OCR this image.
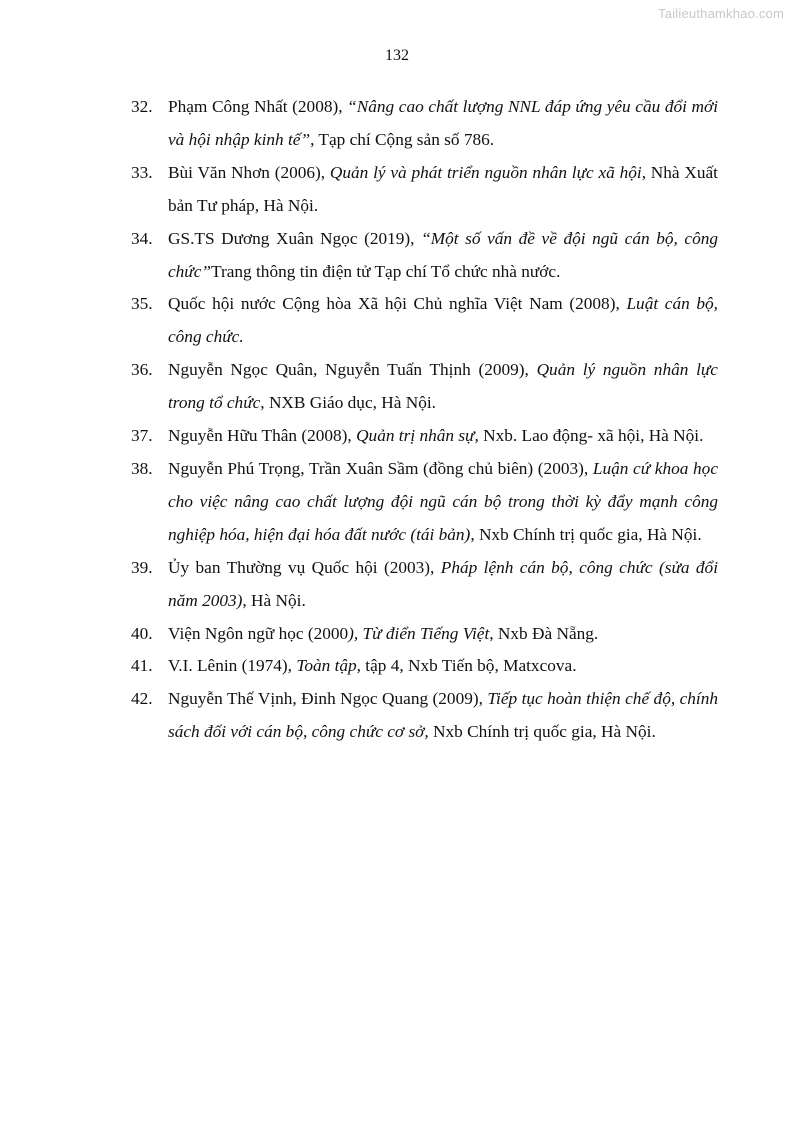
Tailieuthamkhao.com
132
32. Phạm Công Nhất (2008), “Nâng cao chất lượng NNL đáp ứng yêu cầu đổi mới và hội nhập kinh tế”, Tạp chí Cộng sản số 786.
33. Bùi Văn Nhơn (2006), Quản lý và phát triển nguồn nhân lực xã hội, Nhà Xuất bản Tư pháp, Hà Nội.
34. GS.TS Dương Xuân Ngọc (2019), “Một số vấn đề về đội ngũ cán bộ, công chức”Trang thông tin điện tử Tạp chí Tổ chức nhà nước.
35. Quốc hội nước Cộng hòa Xã hội Chủ nghĩa Việt Nam (2008), Luật cán bộ, công chức.
36. Nguyễn Ngọc Quân, Nguyễn Tuấn Thịnh (2009), Quản lý nguồn nhân lực trong tổ chức, NXB Giáo dục, Hà Nội.
37. Nguyễn Hữu Thân (2008), Quản trị nhân sự, Nxb. Lao động- xã hội, Hà Nội.
38. Nguyễn Phú Trọng, Trần Xuân Sầm (đồng chủ biên) (2003), Luận cứ khoa học cho việc nâng cao chất lượng đội ngũ cán bộ trong thời kỳ đẩy mạnh công nghiệp hóa, hiện đại hóa đất nước (tái bản), Nxb Chính trị quốc gia, Hà Nội.
39. Ủy ban Thường vụ Quốc hội (2003), Pháp lệnh cán bộ, công chức (sửa đổi năm 2003), Hà Nội.
40. Viện Ngôn ngữ học (2000), Từ điển Tiếng Việt, Nxb Đà Nẵng.
41. V.I. Lênin (1974), Toàn tập, tập 4, Nxb Tiến bộ, Matxcova.
42. Nguyễn Thế Vịnh, Đinh Ngọc Quang (2009), Tiếp tục hoàn thiện chế độ, chính sách đối với cán bộ, công chức cơ sở, Nxb Chính trị quốc gia, Hà Nội.
